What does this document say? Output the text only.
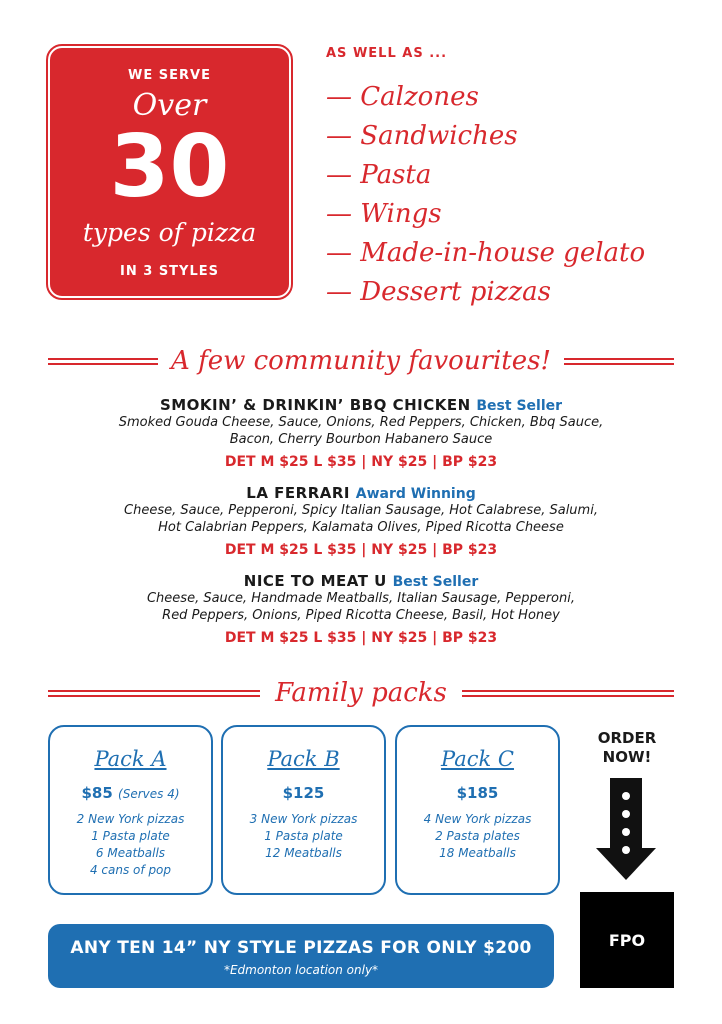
WE SERVE
Over
30
types of pizza
IN 3 STYLES
AS WELL AS ...
— Calzones
— Sandwiches
— Pasta
— Wings
— Made-in-house gelato
— Dessert pizzas
A few community favourites!
SMOKIN’ & DRINKIN’ BBQ CHICKEN Best Seller
Smoked Gouda Cheese, Sauce, Onions, Red Peppers, Chicken, Bbq Sauce,
Bacon, Cherry Bourbon Habanero Sauce
DET M $25 L $35 | NY $25 | BP $23
LA FERRARI Award Winning
Cheese, Sauce, Pepperoni, Spicy Italian Sausage, Hot Calabrese, Salumi,
Hot Calabrian Peppers, Kalamata Olives, Piped Ricotta Cheese
DET M $25 L $35 | NY $25 | BP $23
NICE TO MEAT U Best Seller
Cheese, Sauce, Handmade Meatballs, Italian Sausage, Pepperoni,
Red Peppers, Onions, Piped Ricotta Cheese, Basil, Hot Honey
DET M $25 L $35 | NY $25 | BP $23
Family packs
Pack A
$85 (Serves 4)
2 New York pizzas
1 Pasta plate
6 Meatballs
4 cans of pop
Pack B
$125
3 New York pizzas
1 Pasta plate
12 Meatballs
Pack C
$185
4 New York pizzas
2 Pasta plates
18 Meatballs
ORDER
NOW!
FPO
ANY TEN 14” NY STYLE PIZZAS FOR ONLY $200
*Edmonton location only*
